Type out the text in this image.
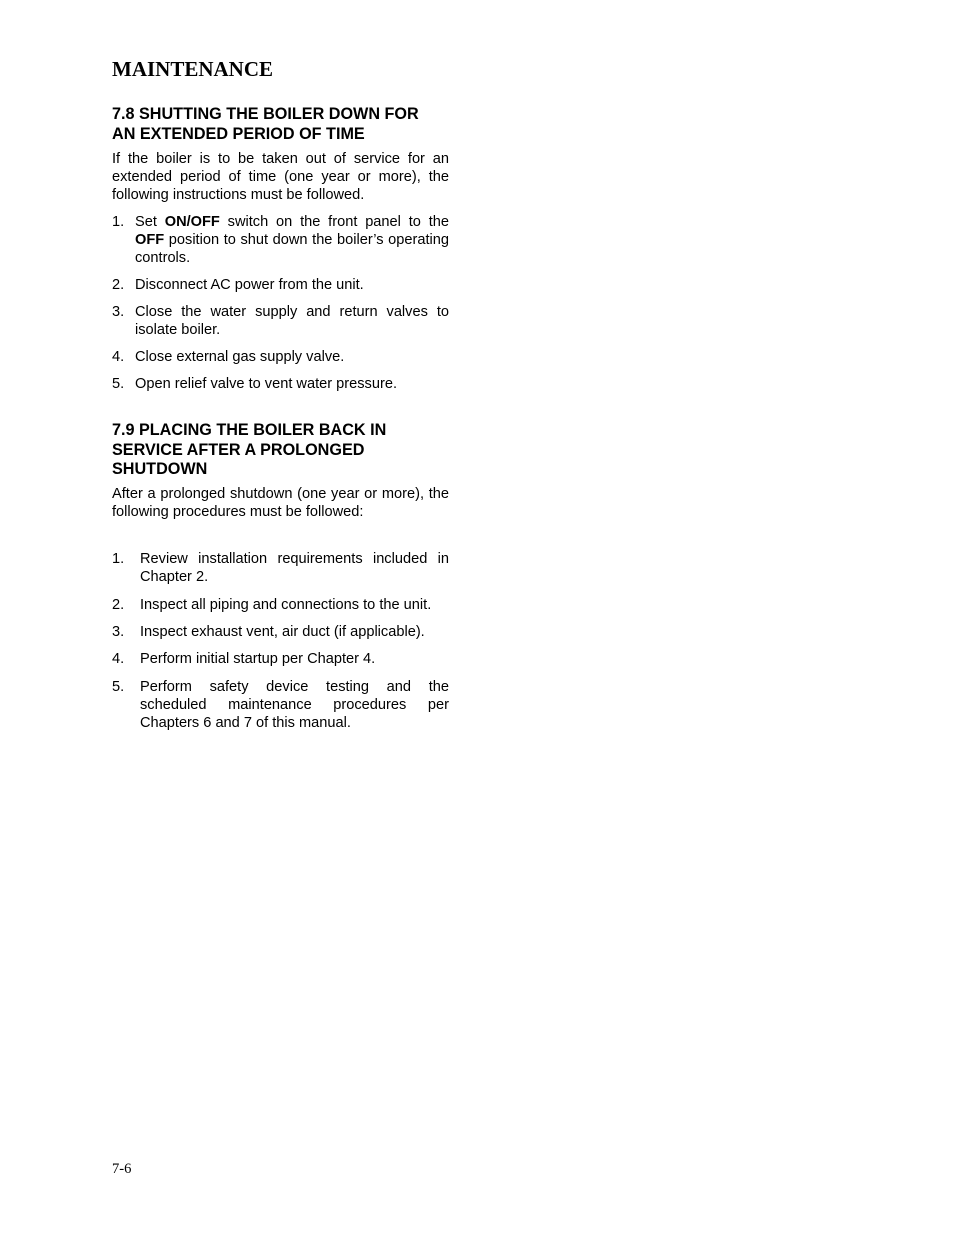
MAINTENANCE
7.8 SHUTTING THE BOILER DOWN FOR
AN EXTENDED PERIOD OF TIME

If the boiler is to be taken out of service for an extended period of time (one year or more), the following instructions must be followed.

1. Set ON/OFF switch on the front panel to the OFF position to shut down the boiler’s operating controls.
2. Disconnect AC power from the unit.
3. Close the water supply and return valves to isolate boiler.
4. Close external gas supply valve.
5. Open relief valve to vent water pressure.
7.9 PLACING THE BOILER BACK IN
SERVICE AFTER A PROLONGED
SHUTDOWN

After a prolonged shutdown (one year or more), the following procedures must be followed:

1.	Review installation requirements included in Chapter 2.
2.	Inspect all piping and connections to the unit.
3.	Inspect exhaust vent, air duct (if applicable).
4.	Perform initial startup per Chapter 4.
5.	Perform safety device testing and the scheduled maintenance procedures per Chapters 6 and 7 of this manual.
7-6
